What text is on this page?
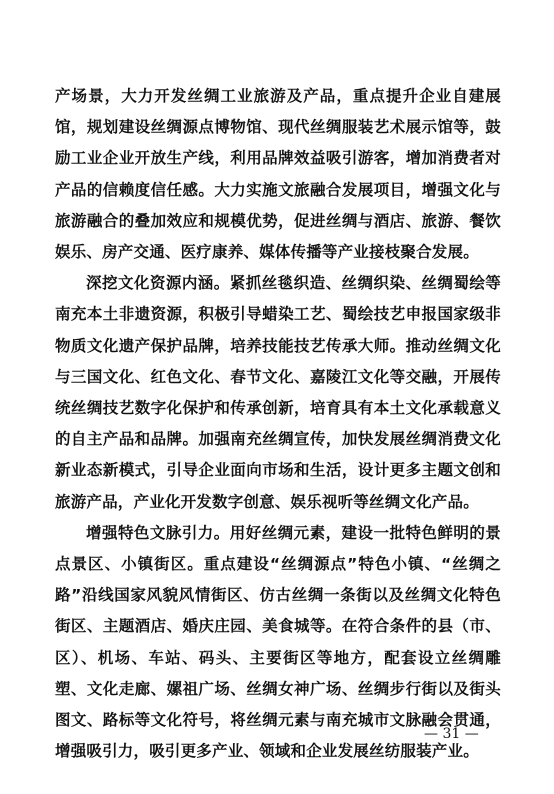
产场景，大力开发丝绸工业旅游及产品，重点提升企业自建展馆，规划建设丝绸源点博物馆、现代丝绸服装艺术展示馆等，鼓励工业企业开放生产线，利用品牌效益吸引游客，增加消费者对产品的信赖度信任感。大力实施文旅融合发展项目，增强文化与旅游融合的叠加效应和规模优势，促进丝绸与酒店、旅游、餐饮娱乐、房产交通、医疗康养、媒体传播等产业接枝聚合发展。

深挖文化资源内涵。紧抓丝毯织造、丝绸织染、丝绸蜀绘等南充本土非遗资源，积极引导蜡染工艺、蜀绘技艺申报国家级非物质文化遗产保护品牌，培养技能技艺传承大师。推动丝绸文化与三国文化、红色文化、春节文化、嘉陵江文化等交融，开展传统丝绸技艺数字化保护和传承创新，培育具有本土文化承载意义的自主产品和品牌。加强南充丝绸宣传，加快发展丝绸消费文化新业态新模式，引导企业面向市场和生活，设计更多主题文创和旅游产品，产业化开发数字创意、娱乐视听等丝绸文化产品。

增强特色文脉引力。用好丝绸元素，建设一批特色鲜明的景点景区、小镇街区。重点建设“丝绸源点”特色小镇、“丝绸之路”沿线国家风貌风情街区、仿古丝绸一条街以及丝绸文化特色街区、主题酒店、婚庆庄园、美食城等。在符合条件的县（市、区）、机场、车站、码头、主要街区等地方，配套设立丝绸雕塑、文化走廊、嫘祖广场、丝绸女神广场、丝绸步行街以及街头图文、路标等文化符号，将丝绸元素与南充城市文脉融会贯通，增强吸引力，吸引更多产业、领域和企业发展丝纺服装产业。

— 31 —
